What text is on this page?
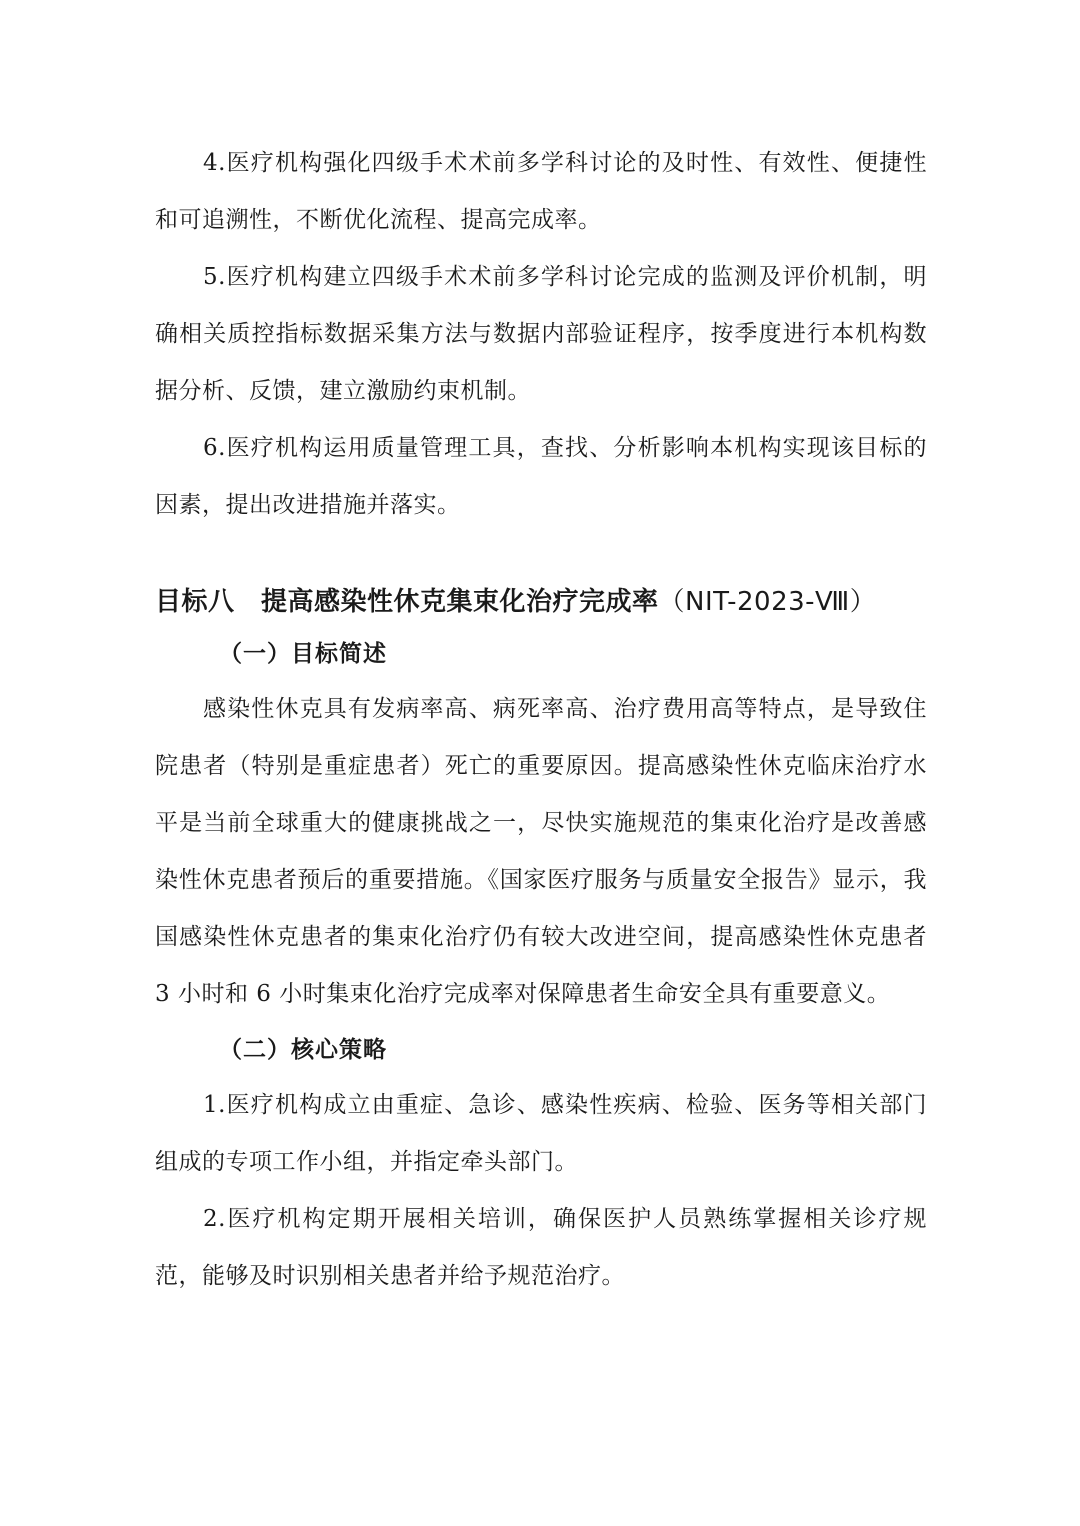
4.医疗机构强化四级手术术前多学科讨论的及时性、有效性、便捷性和可追溯性，不断优化流程、提高完成率。

5.医疗机构建立四级手术术前多学科讨论完成的监测及评价机制，明确相关质控指标数据采集方法与数据内部验证程序，按季度进行本机构数据分析、反馈，建立激励约束机制。

6.医疗机构运用质量管理工具，查找、分析影响本机构实现该目标的因素，提出改进措施并落实。

目标八　提高感染性休克集束化治疗完成率（NIT-2023-Ⅷ）
（一）目标简述

感染性休克具有发病率高、病死率高、治疗费用高等特点，是导致住院患者（特别是重症患者）死亡的重要原因。提高感染性休克临床治疗水平是当前全球重大的健康挑战之一，尽快实施规范的集束化治疗是改善感染性休克患者预后的重要措施。《国家医疗服务与质量安全报告》显示，我国感染性休克患者的集束化治疗仍有较大改进空间，提高感染性休克患者 3 小时和 6 小时集束化治疗完成率对保障患者生命安全具有重要意义。

（二）核心策略

1.医疗机构成立由重症、急诊、感染性疾病、检验、医务等相关部门组成的专项工作小组，并指定牵头部门。

2.医疗机构定期开展相关培训，确保医护人员熟练掌握相关诊疗规范，能够及时识别相关患者并给予规范治疗。
